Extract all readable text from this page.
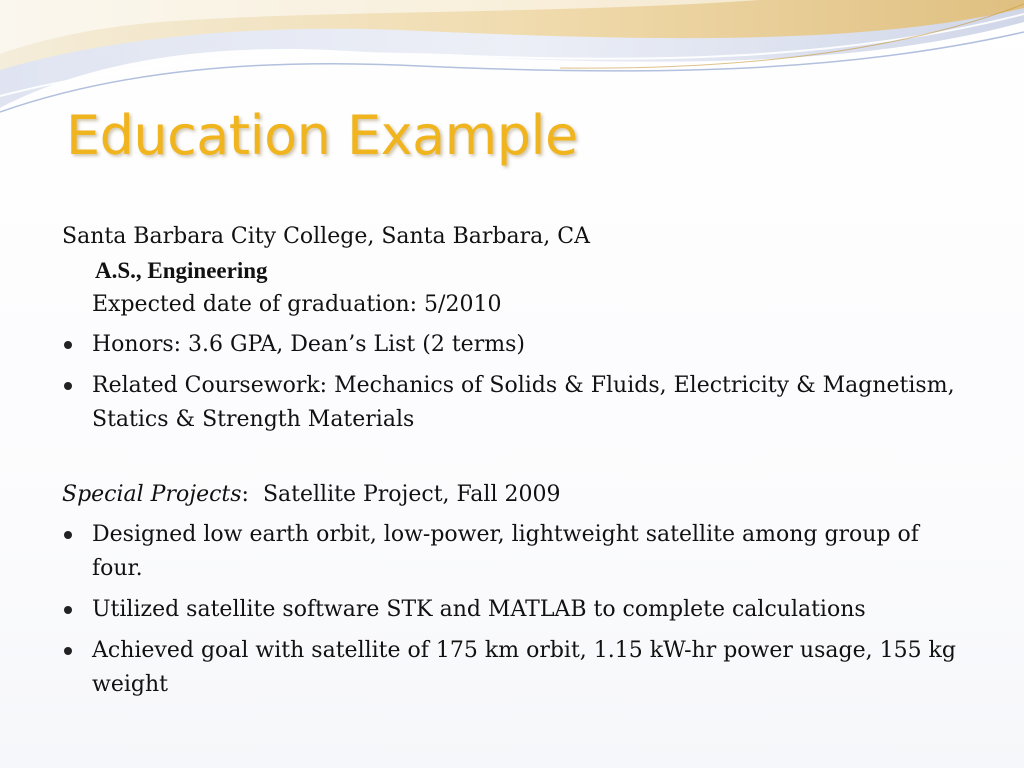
Education Example
Santa Barbara City College, Santa Barbara, CA
A.S., Engineering
Expected date of graduation: 5/2010
Honors: 3.6 GPA, Dean’s List (2 terms)
Related Coursework: Mechanics of Solids & Fluids, Electricity & Magnetism, Statics & Strength Materials
Special Projects:  Satellite Project, Fall 2009
Designed low earth orbit, low-power, lightweight satellite among group of four.
Utilized satellite software STK and MATLAB to complete calculations
Achieved goal with satellite of 175 km orbit, 1.15 kW-hr power usage, 155 kg weight
